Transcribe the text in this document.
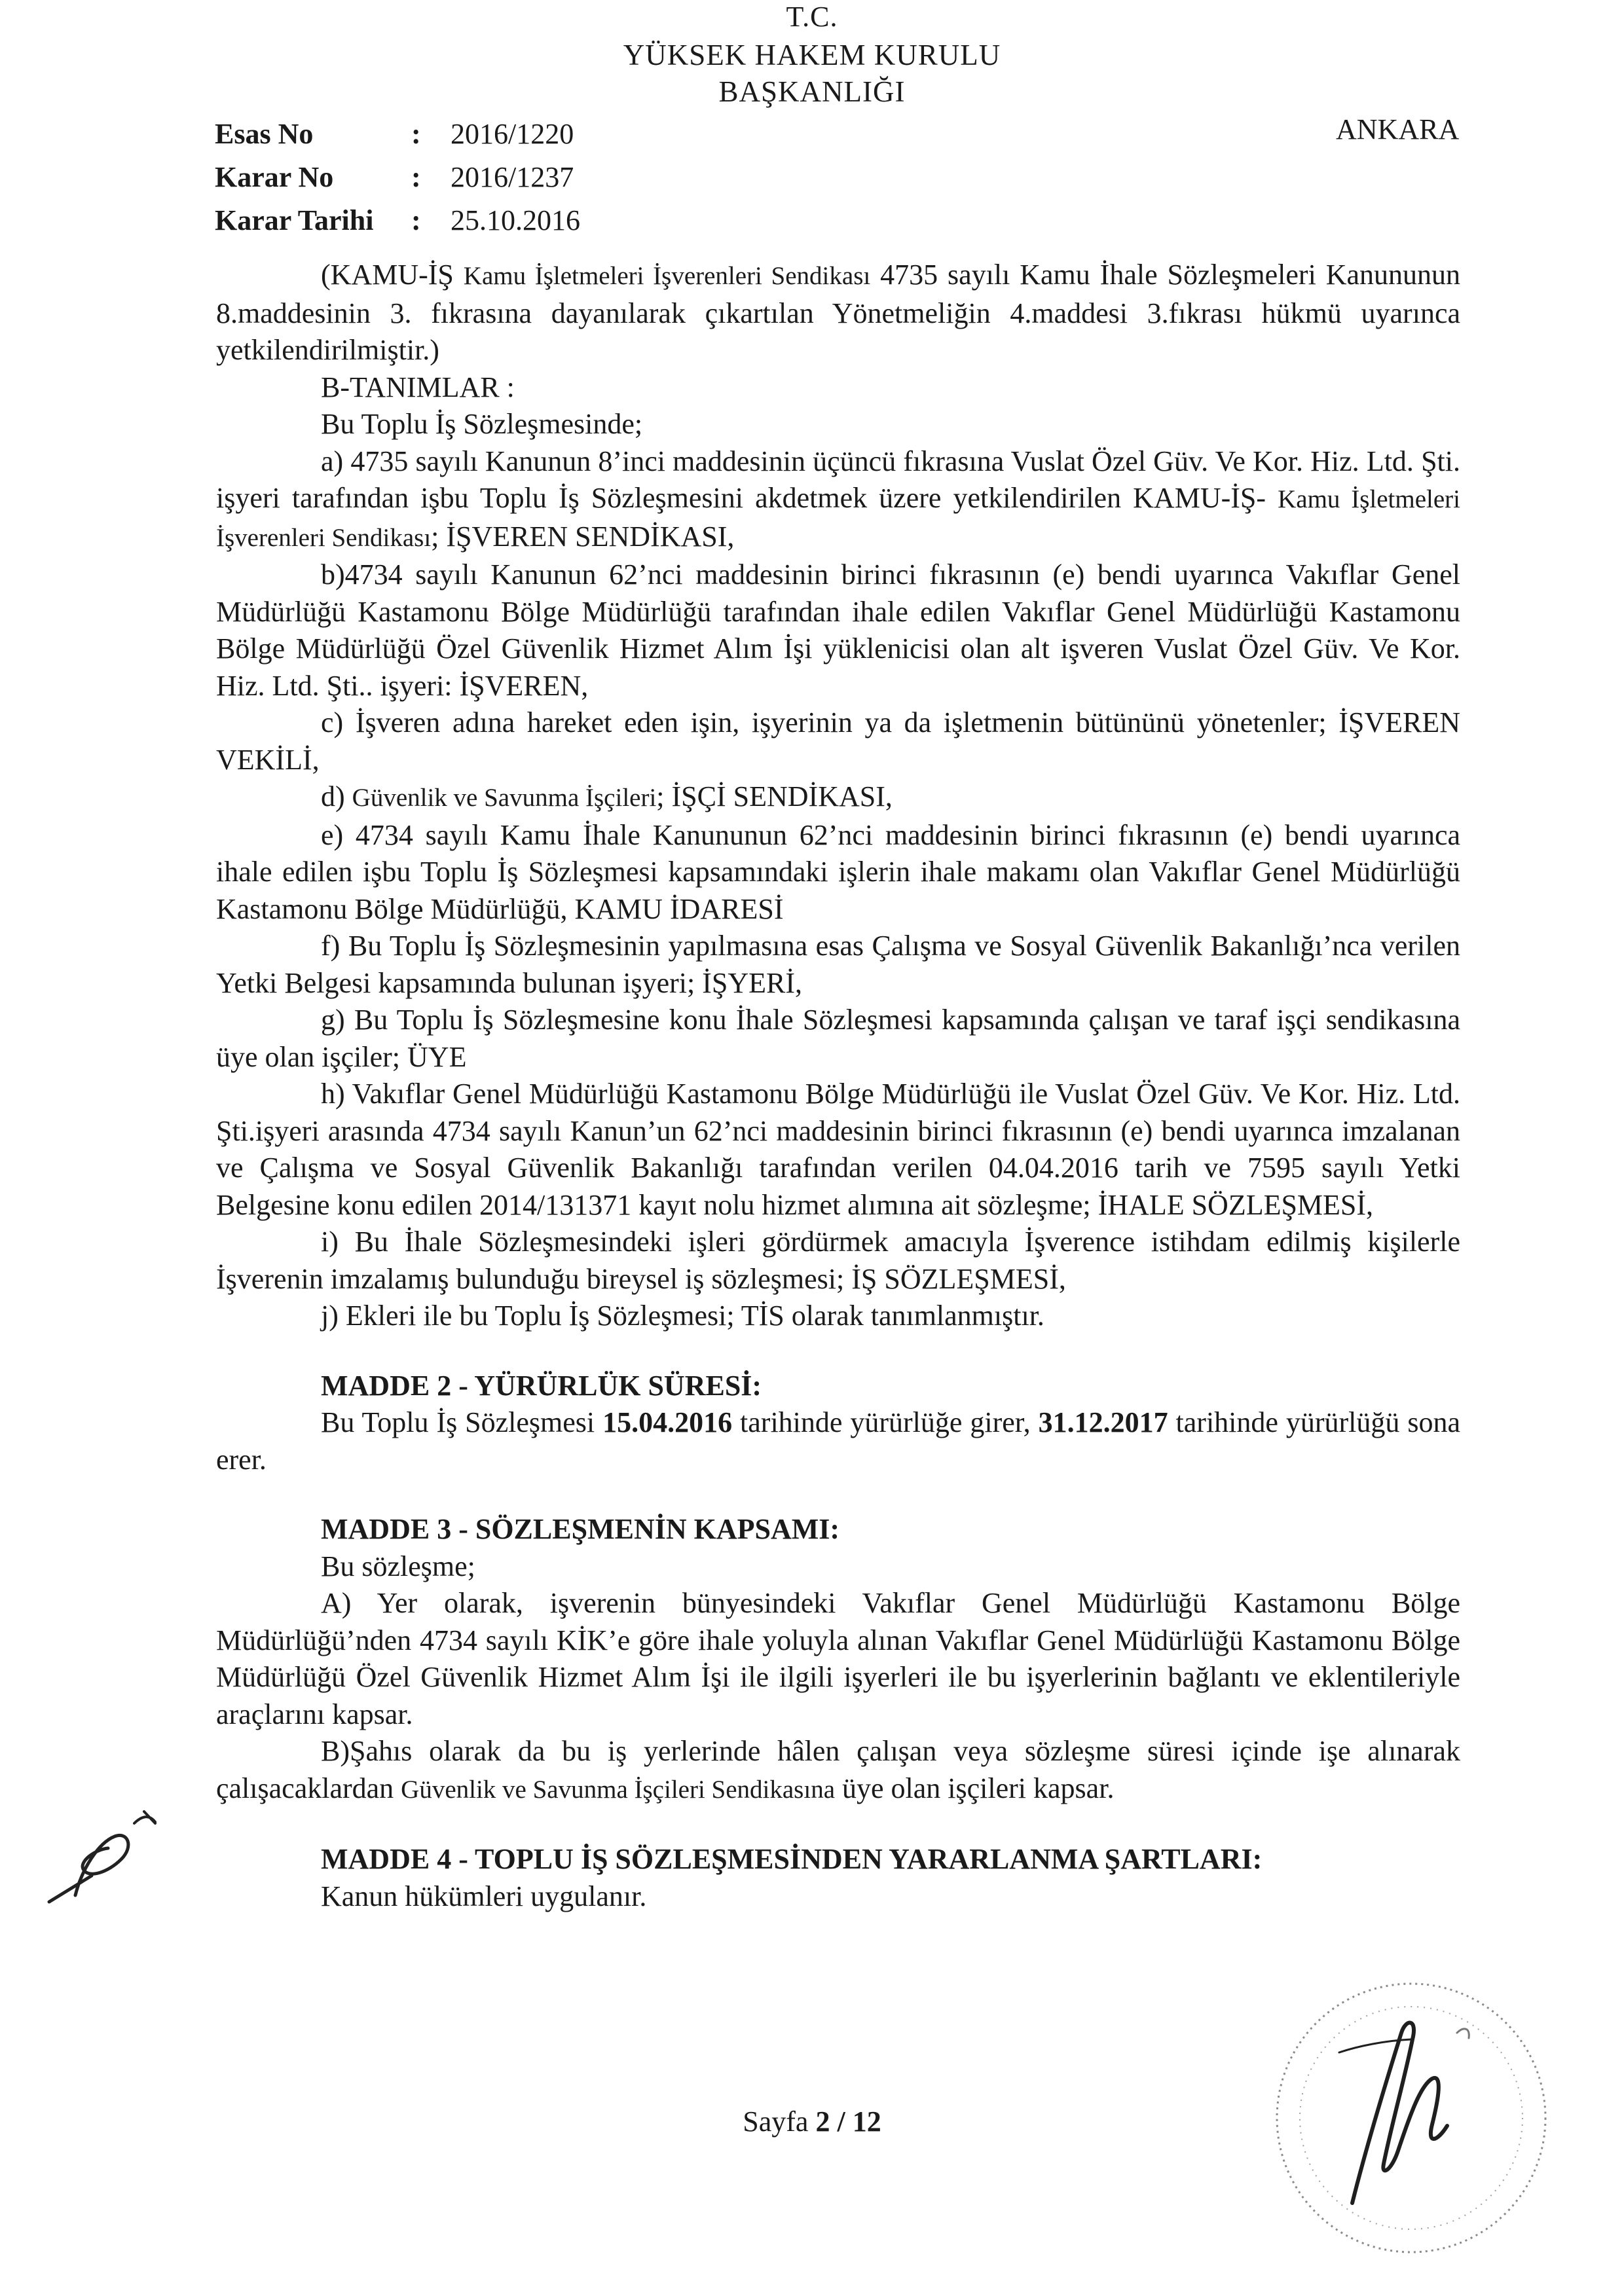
T.C.
YÜKSEK HAKEM KURULU
BAŞKANLIĞI
Esas No	:	2016/1220
Karar No	:	2016/1237
Karar Tarihi	:	25.10.2016
ANKARA

(KAMU-İŞ Kamu İşletmeleri İşverenleri Sendikası 4735 sayılı Kamu İhale Sözleşmeleri Kanununun 8.maddesinin 3. fıkrasına dayanılarak çıkartılan Yönetmeliğin 4.maddesi 3.fıkrası hükmü uyarınca yetkilendirilmiştir.)

B-TANIMLAR :

Bu Toplu İş Sözleşmesinde;

a) 4735 sayılı Kanunun 8’inci maddesinin üçüncü fıkrasına Vuslat Özel Güv. Ve Kor. Hiz. Ltd. Şti. işyeri tarafından işbu Toplu İş Sözleşmesini akdetmek üzere yetkilendirilen KAMU-İŞ- Kamu İşletmeleri İşverenleri Sendikası; İŞVEREN SENDİKASI,

b)4734 sayılı Kanunun 62’nci maddesinin birinci fıkrasının (e) bendi uyarınca Vakıflar Genel Müdürlüğü Kastamonu Bölge Müdürlüğü tarafından ihale edilen Vakıflar Genel Müdürlüğü Kastamonu Bölge Müdürlüğü Özel Güvenlik Hizmet Alım İşi yüklenicisi olan alt işveren Vuslat Özel Güv. Ve Kor. Hiz. Ltd. Şti.. işyeri: İŞVEREN,

c) İşveren adına hareket eden işin, işyerinin ya da işletmenin bütününü yönetenler; İŞVEREN VEKİLİ,

d) Güvenlik ve Savunma İşçileri; İŞÇİ SENDİKASI,

e) 4734 sayılı Kamu İhale Kanununun 62’nci maddesinin birinci fıkrasının (e) bendi uyarınca ihale edilen işbu Toplu İş Sözleşmesi kapsamındaki işlerin ihale makamı olan Vakıflar Genel Müdürlüğü Kastamonu Bölge Müdürlüğü, KAMU İDARESİ

f) Bu Toplu İş Sözleşmesinin yapılmasına esas Çalışma ve Sosyal Güvenlik Bakanlığı’nca verilen Yetki Belgesi kapsamında bulunan işyeri; İŞYERİ,

g) Bu Toplu İş Sözleşmesine konu İhale Sözleşmesi kapsamında çalışan ve taraf işçi sendikasına üye olan işçiler; ÜYE

h) Vakıflar Genel Müdürlüğü Kastamonu Bölge Müdürlüğü ile Vuslat Özel Güv. Ve Kor. Hiz. Ltd. Şti.işyeri arasında 4734 sayılı Kanun’un 62’nci maddesinin birinci fıkrasının (e) bendi uyarınca imzalanan ve Çalışma ve Sosyal Güvenlik Bakanlığı tarafından verilen 04.04.2016 tarih ve 7595 sayılı Yetki Belgesine konu edilen 2014/131371 kayıt nolu hizmet alımına ait sözleşme; İHALE SÖZLEŞMESİ,

i) Bu İhale Sözleşmesindeki işleri gördürmek amacıyla İşverence istihdam edilmiş kişilerle İşverenin imzalamış bulunduğu bireysel iş sözleşmesi; İŞ SÖZLEŞMESİ,

j) Ekleri ile bu Toplu İş Sözleşmesi; TİS olarak tanımlanmıştır.

MADDE 2 - YÜRÜRLÜK SÜRESİ:

Bu Toplu İş Sözleşmesi 15.04.2016 tarihinde yürürlüğe girer, 31.12.2017 tarihinde yürürlüğü sona erer.

MADDE 3 - SÖZLEŞMENİN KAPSAMI:

Bu sözleşme;

A) Yer olarak, işverenin bünyesindeki Vakıflar Genel Müdürlüğü Kastamonu Bölge Müdürlüğü’nden 4734 sayılı KİK’e göre ihale yoluyla alınan Vakıflar Genel Müdürlüğü Kastamonu Bölge Müdürlüğü Özel Güvenlik Hizmet Alım İşi ile ilgili işyerleri ile bu işyerlerinin bağlantı ve eklentileriyle araçlarını kapsar.

B)Şahıs olarak da bu iş yerlerinde hâlen çalışan veya sözleşme süresi içinde işe alınarak çalışacaklardan Güvenlik ve Savunma İşçileri Sendikasına üye olan işçileri kapsar.

MADDE 4 - TOPLU İŞ SÖZLEŞMESİNDEN YARARLANMA ŞARTLARI:

Kanun hükümleri uygulanır.

Sayfa 2 / 12
